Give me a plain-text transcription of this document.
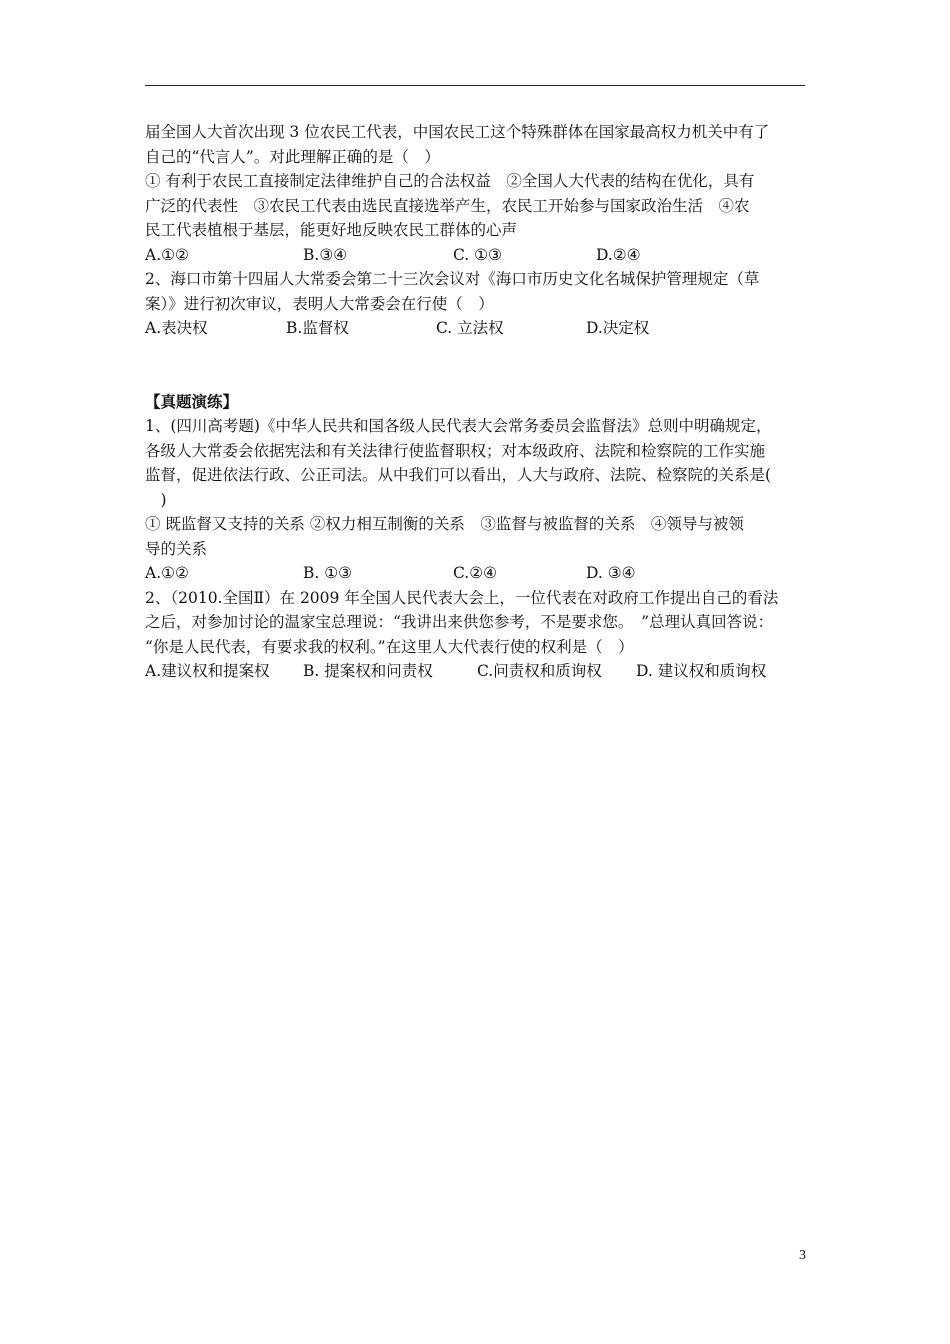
届全国人大首次出现 3 位农民工代表，中国农民工这个特殊群体在国家最高权力机关中有了
自己的“代言人”。对此理解正确的是（　）
① 有利于农民工直接制定法律维护自己的合法权益　②全国人大代表的结构在优化，具有
广泛的代表性　③农民工代表由选民直接选举产生，农民工开始参与国家政治生活　④农
民工代表植根于基层，能更好地反映农民工群体的心声
A.①②	B.③④	C. ①③	D.②④
2、海口市第十四届人大常委会第二十三次会议对《海口市历史文化名城保护管理规定（草
案）》进行初次审议，表明人大常委会在行使（　）
A.表决权	B.监督权	C. 立法权	D.决定权
【真题演练】
1、(四川高考题)《中华人民共和国各级人民代表大会常务委员会监督法》总则中明确规定，
各级人大常委会依据宪法和有关法律行使监督职权；对本级政府、法院和检察院的工作实施
监督，促进依法行政、公正司法。从中我们可以看出，人大与政府、法院、检察院的关系是(
　)
① 既监督又支持的关系 ②权力相互制衡的关系　③监督与被监督的关系　④领导与被领
导的关系
A.①②	B. ①③	C.②④	D. ③④
2、（2010.全国Ⅱ）在 2009 年全国人民代表大会上，一位代表在对政府工作提出自己的看法
之后，对参加讨论的温家宝总理说：“我讲出来供您参考，不是要求您。　”总理认真回答说：
“你是人民代表，有要求我的权利。”在这里人大代表行使的权利是（　）
A.建议权和提案权 B. 提案权和问责权	C.问责权和质询权 D. 建议权和质询权
3
